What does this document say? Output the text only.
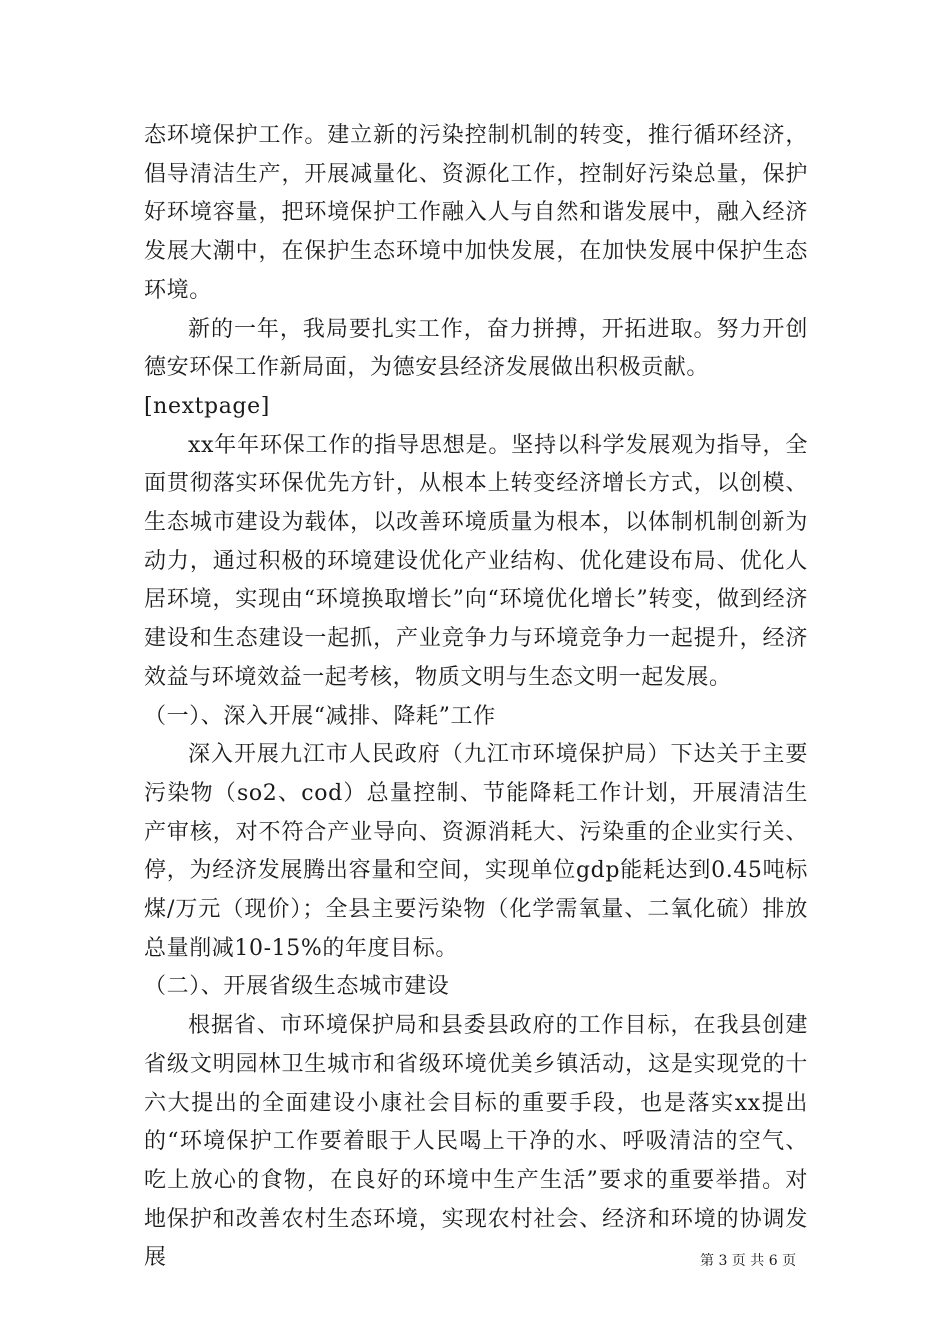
态环境保护工作。建立新的污染控制机制的转变，推行循环经济，倡导清洁生产，开展减量化、资源化工作，控制好污染总量，保护好环境容量，把环境保护工作融入人与自然和谐发展中，融入经济发展大潮中，在保护生态环境中加快发展，在加快发展中保护生态环境。

新的一年，我局要扎实工作，奋力拼搏，开拓进取。努力开创德安环保工作新局面，为德安县经济发展做出积极贡献。

[nextpage]

xx年年环保工作的指导思想是。坚持以科学发展观为指导，全面贯彻落实环保优先方针，从根本上转变经济增长方式，以创模、生态城市建设为载体，以改善环境质量为根本，以体制机制创新为动力，通过积极的环境建设优化产业结构、优化建设布局、优化人居环境，实现由“环境换取增长”向“环境优化增长”转变，做到经济建设和生态建设一起抓，产业竞争力与环境竞争力一起提升，经济效益与环境效益一起考核，物质文明与生态文明一起发展。

（一）、深入开展“减排、降耗”工作

深入开展九江市人民政府（九江市环境保护局）下达关于主要污染物（so2、cod）总量控制、节能降耗工作计划，开展清洁生产审核，对不符合产业导向、资源消耗大、污染重的企业实行关、停，为经济发展腾出容量和空间，实现单位gdp能耗达到0.45吨标煤/万元（现价）；全县主要污染物（化学需氧量、二氧化硫）排放总量削减10-15%的年度目标。

（二）、开展省级生态城市建设

根据省、市环境保护局和县委县政府的工作目标，在我县创建省级文明园林卫生城市和省级环境优美乡镇活动，这是实现党的十六大提出的全面建设小康社会目标的重要手段，也是落实xx提出的“环境保护工作要着眼于人民喝上干净的水、呼吸清洁的空气、吃上放心的食物，在良好的环境中生产生活”要求的重要举措。对地保护和改善农村生态环境，实现农村社会、经济和环境的协调发展	第 3 页 共 6 页
